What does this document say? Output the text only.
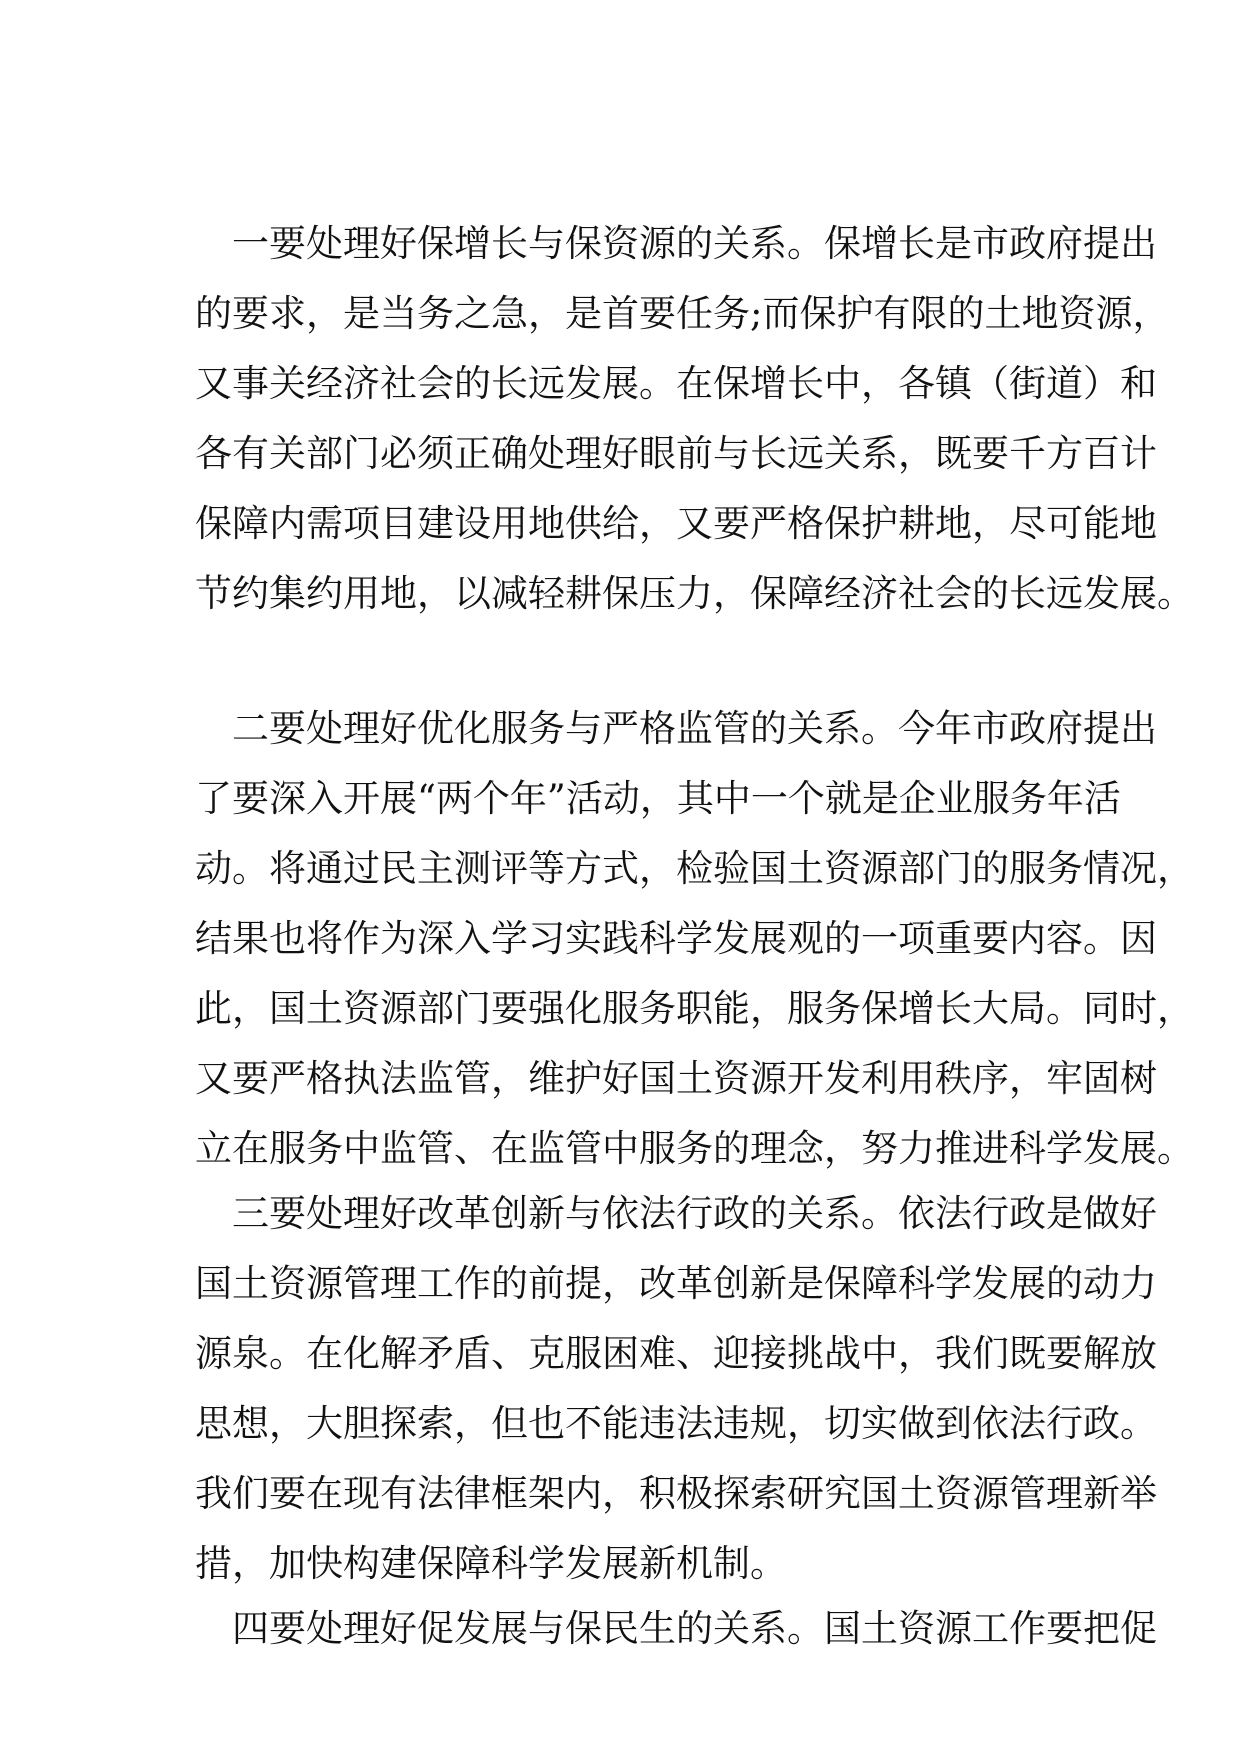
一要处理好保增长与保资源的关系。保增长是市政府提出
的要求，是当务之急，是首要任务;而保护有限的土地资源，
又事关经济社会的长远发展。在保增长中，各镇（街道）和
各有关部门必须正确处理好眼前与长远关系，既要千方百计
保障内需项目建设用地供给，又要严格保护耕地，尽可能地
节约集约用地，以减轻耕保压力，保障经济社会的长远发展。
二要处理好优化服务与严格监管的关系。今年市政府提出
了要深入开展“两个年”活动，其中一个就是企业服务年活
动。将通过民主测评等方式，检验国土资源部门的服务情况，
结果也将作为深入学习实践科学发展观的一项重要内容。因
此，国土资源部门要强化服务职能，服务保增长大局。同时，
又要严格执法监管，维护好国土资源开发利用秩序，牢固树
立在服务中监管、在监管中服务的理念，努力推进科学发展。
三要处理好改革创新与依法行政的关系。依法行政是做好
国土资源管理工作的前提，改革创新是保障科学发展的动力
源泉。在化解矛盾、克服困难、迎接挑战中，我们既要解放
思想，大胆探索，但也不能违法违规，切实做到依法行政。
我们要在现有法律框架内，积极探索研究国土资源管理新举
措，加快构建保障科学发展新机制。
四要处理好促发展与保民生的关系。国土资源工作要把促
